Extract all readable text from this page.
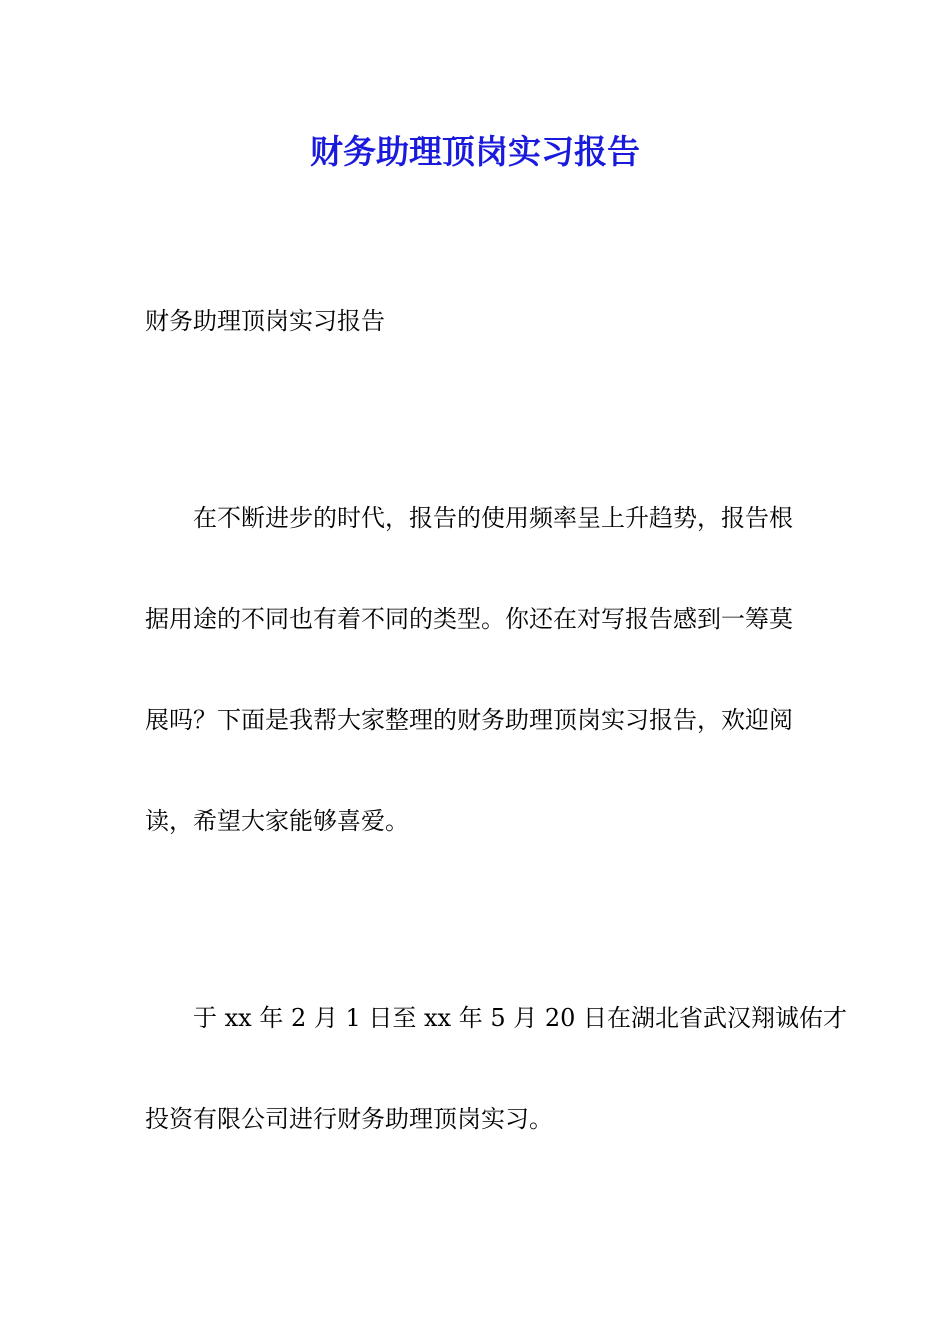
财务助理顶岗实习报告

财务助理顶岗实习报告

在不断进步的时代，报告的使用频率呈上升趋势，报告根
据用途的不同也有着不同的类型。你还在对写报告感到一筹莫
展吗？下面是我帮大家整理的财务助理顶岗实习报告，欢迎阅
读，希望大家能够喜爱。

于 xx 年 2 月 1 日至 xx 年 5 月 20 日在湖北省武汉翔诚佑才
投资有限公司进行财务助理顶岗实习。
